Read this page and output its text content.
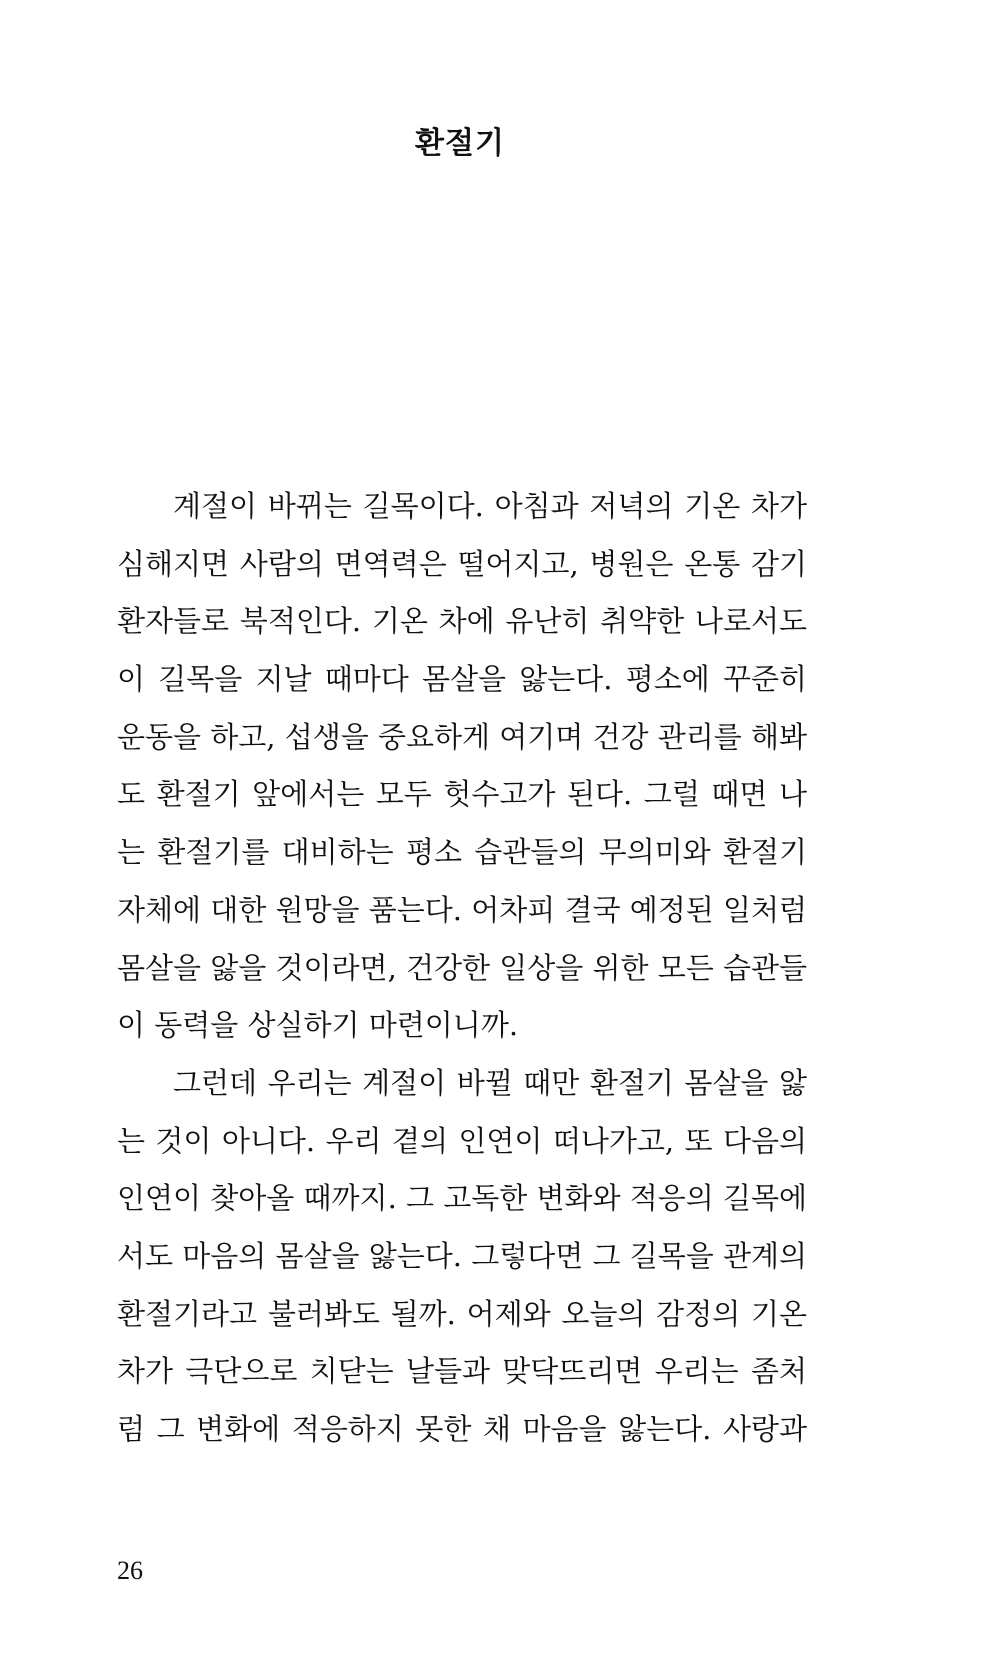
환절기
계절이 바뀌는 길목이다. 아침과 저녁의 기온 차가
심해지면 사람의 면역력은 떨어지고, 병원은 온통 감기
환자들로 북적인다. 기온 차에 유난히 취약한 나로서도
이 길목을 지날 때마다 몸살을 앓는다. 평소에 꾸준히
운동을 하고, 섭생을 중요하게 여기며 건강 관리를 해봐
도 환절기 앞에서는 모두 헛수고가 된다. 그럴 때면 나
는 환절기를 대비하는 평소 습관들의 무의미와 환절기
자체에 대한 원망을 품는다. 어차피 결국 예정된 일처럼
몸살을 앓을 것이라면, 건강한 일상을 위한 모든 습관들
이 동력을 상실하기 마련이니까.
그런데 우리는 계절이 바뀔 때만 환절기 몸살을 앓
는 것이 아니다. 우리 곁의 인연이 떠나가고, 또 다음의
인연이 찾아올 때까지. 그 고독한 변화와 적응의 길목에
서도 마음의 몸살을 앓는다. 그렇다면 그 길목을 관계의
환절기라고 불러봐도 될까. 어제와 오늘의 감정의 기온
차가 극단으로 치닫는 날들과 맞닥뜨리면 우리는 좀처
럼 그 변화에 적응하지 못한 채 마음을 앓는다. 사랑과
26
